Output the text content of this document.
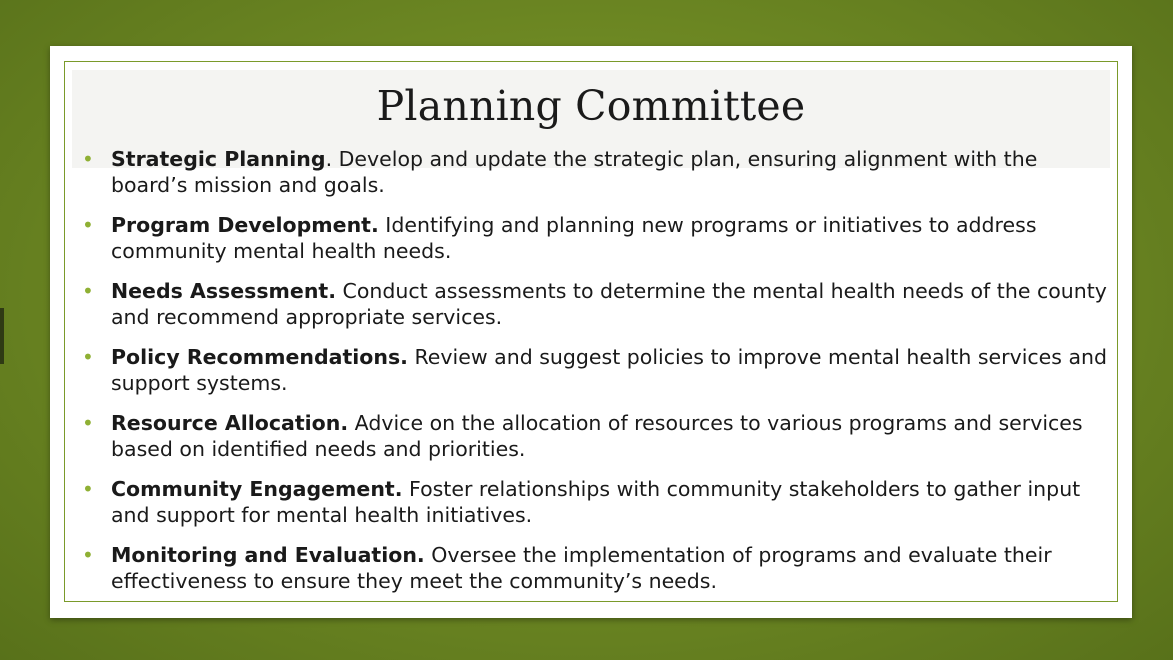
Planning Committee
• Strategic Planning. Develop and update the strategic plan, ensuring alignment with the board’s mission and goals.
• Program Development. Identifying and planning new programs or initiatives to address community mental health needs.
• Needs Assessment. Conduct assessments to determine the mental health needs of the county and recommend appropriate services.
• Policy Recommendations. Review and suggest policies to improve mental health services and support systems.
• Resource Allocation. Advice on the allocation of resources to various programs and services based on identified needs and priorities.
• Community Engagement. Foster relationships with community stakeholders to gather input and support for mental health initiatives.
• Monitoring and Evaluation. Oversee the implementation of programs and evaluate their effectiveness to ensure they meet the community’s needs.
